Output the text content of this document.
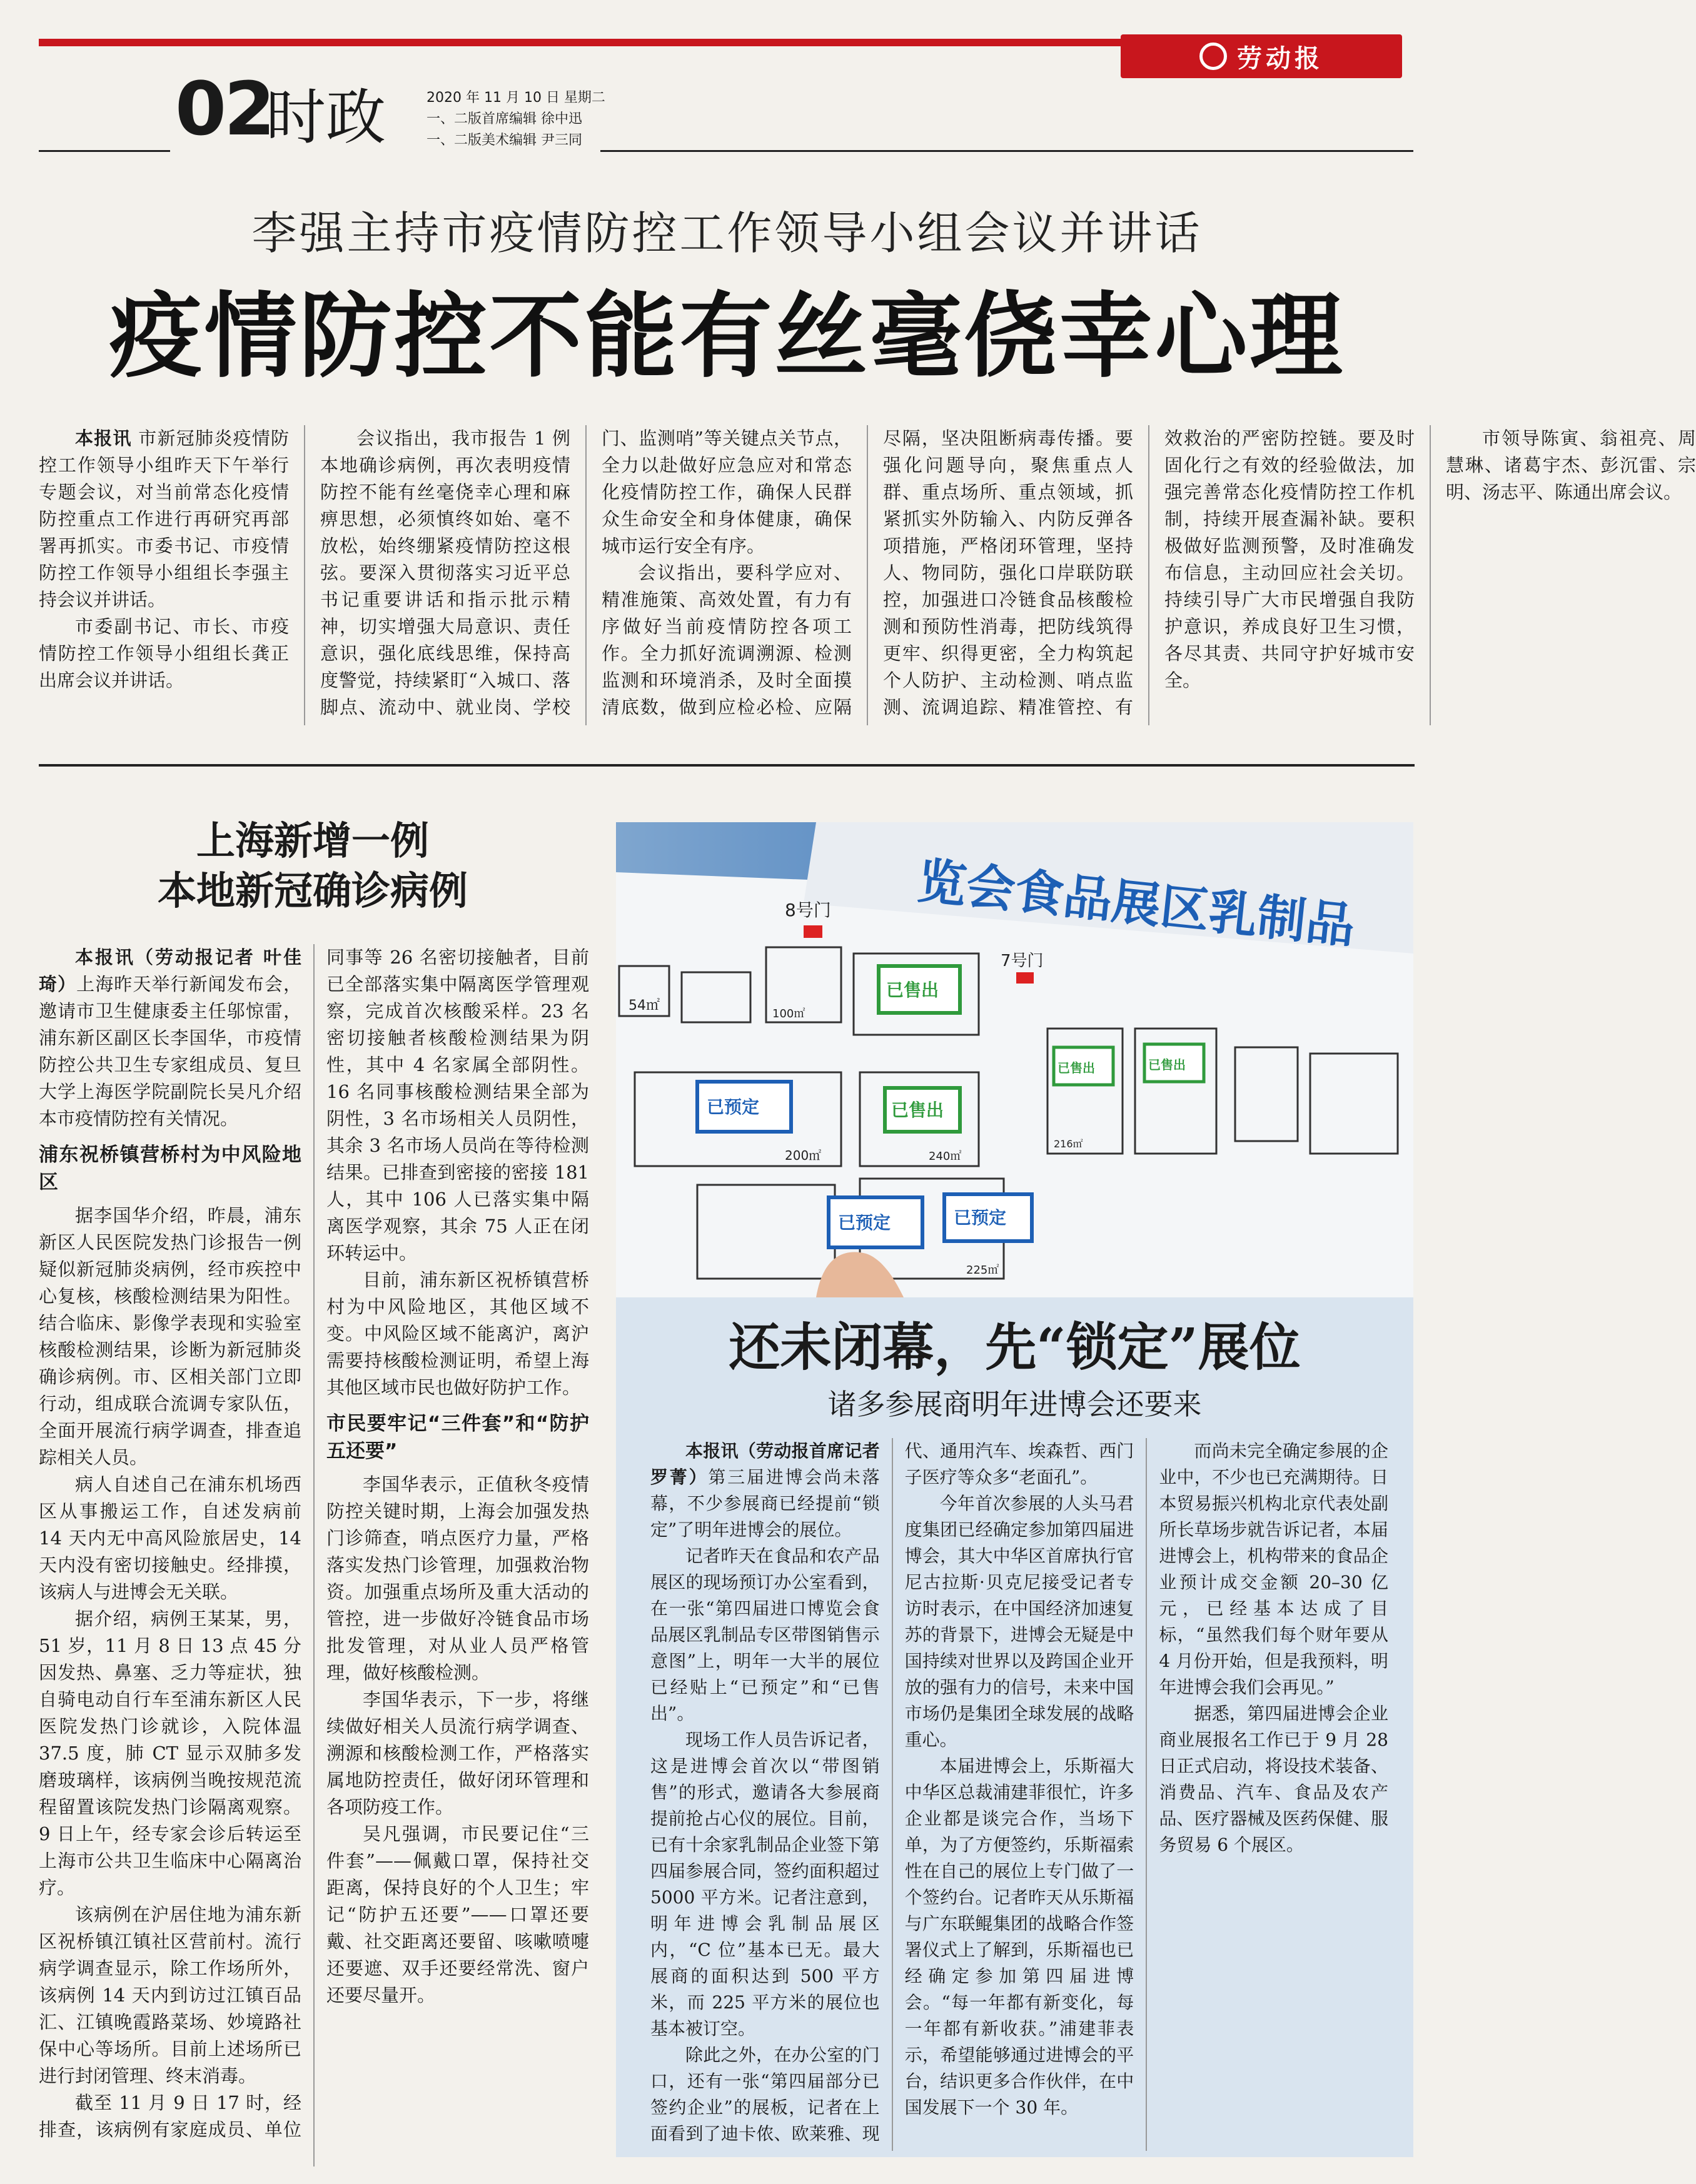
劳动报
02
时政	2020 年 11 月 10 日 星期二
一、二版首席编辑 徐中迅
一、二版美术编辑 尹三同
李强主持市疫情防控工作领导小组会议并讲话
疫情防控不能有丝毫侥幸心理

本报讯 市新冠肺炎疫情防控工作领导小组昨天下午举行专题会议，对当前常态化疫情防控重点工作进行再研究再部署再抓实。市委书记、市疫情防控工作领导小组组长李强主持会议并讲话。

市委副书记、市长、市疫情防控工作领导小组组长龚正出席会议并讲话。

会议指出，我市报告 1 例本地确诊病例，再次表明疫情防控不能有丝毫侥幸心理和麻痹思想，必须慎终如始、毫不放松，始终绷紧疫情防控这根弦。要深入贯彻落实习近平总书记重要讲话和指示批示精神，切实增强大局意识、责任意识，强化底线思维，保持高度警觉，持续紧盯“入城口、落脚点、流动中、就业岗、学校门、监测哨”等关键点关节点，全力以赴做好应急应对和常态化疫情防控工作，确保人民群众生命安全和身体健康，确保城市运行安全有序。

会议指出，要科学应对、精准施策、高效处置，有力有序做好当前疫情防控各项工作。全力抓好流调溯源、检测监测和环境消杀，及时全面摸清底数，做到应检必检、应隔尽隔，坚决阻断病毒传播。要强化问题导向，聚焦重点人群、重点场所、重点领域，抓紧抓实外防输入、内防反弹各项措施，严格闭环管理，坚持人、物同防，强化口岸联防联控，加强进口冷链食品核酸检测和预防性消毒，把防线筑得更牢、织得更密，全力构筑起个人防护、主动检测、哨点监测、流调追踪、精准管控、有效救治的严密防控链。要及时固化行之有效的经验做法，加强完善常态化疫情防控工作机制，持续开展查漏补缺。要积极做好监测预警，及时准确发布信息，主动回应社会关切。持续引导广大市民增强自我防护意识，养成良好卫生习惯，各尽其责、共同守护好城市安全。

市领导陈寅、翁祖亮、周慧琳、诸葛宇杰、彭沉雷、宗明、汤志平、陈通出席会议。

上海新增一例
本地新冠确诊病例

本报讯（劳动报记者 叶佳琦）上海昨天举行新闻发布会，邀请市卫生健康委主任邬惊雷，浦东新区副区长李国华，市疫情防控公共卫生专家组成员、复旦大学上海医学院副院长吴凡介绍本市疫情防控有关情况。

浦东祝桥镇营桥村为中风险地区

据李国华介绍，昨晨，浦东新区人民医院发热门诊报告一例疑似新冠肺炎病例，经市疾控中心复核，核酸检测结果为阳性。结合临床、影像学表现和实验室核酸检测结果，诊断为新冠肺炎确诊病例。市、区相关部门立即行动，组成联合流调专家队伍，全面开展流行病学调查，排查追踪相关人员。

病人自述自己在浦东机场西区从事搬运工作，自述发病前 14 天内无中高风险旅居史，14 天内没有密切接触史。经排摸，该病人与进博会无关联。

据介绍，病例王某某，男，51 岁，11 月 8 日 13 点 45 分因发热、鼻塞、乏力等症状，独自骑电动自行车至浦东新区人民医院发热门诊就诊，入院体温 37.5 度，肺 CT 显示双肺多发磨玻璃样，该病例当晚按规范流程留置该院发热门诊隔离观察。9 日上午，经专家会诊后转运至上海市公共卫生临床中心隔离治疗。

该病例在沪居住地为浦东新区祝桥镇江镇社区营前村。流行病学调查显示，除工作场所外，该病例 14 天内到访过江镇百品汇、江镇晚霞路菜场、妙境路社保中心等场所。目前上述场所已进行封闭管理、终末消毒。

截至 11 月 9 日 17 时，经排查，该病例有家庭成员、单位同事等 26 名密切接触者，目前已全部落实集中隔离医学管理观察，完成首次核酸采样。23 名密切接触者核酸检测结果为阴性，其中 4 名家属全部阴性。16 名同事核酸检测结果全部为阴性，3 名市场相关人员阴性，其余 3 名市场人员尚在等待检测结果。已排查到密接的密接 181 人，其中 106 人已落实集中隔离医学观察，其余 75 人正在闭环转运中。

目前，浦东新区祝桥镇营桥村为中风险地区，其他区域不变。中风险区域不能离沪，离沪需要持核酸检测证明，希望上海其他区域市民也做好防护工作。

市民要牢记“三件套”和“防护五还要”

李国华表示，正值秋冬疫情防控关键时期，上海会加强发热门诊筛查，哨点医疗力量，严格落实发热门诊管理，加强救治物资。加强重点场所及重大活动的管控，进一步做好冷链食品市场批发管理，对从业人员严格管理，做好核酸检测。

李国华表示，下一步，将继续做好相关人员流行病学调查、溯源和核酸检测工作，严格落实属地防控责任，做好闭环管理和各项防疫工作。

吴凡强调，市民要记住“三件套”——佩戴口罩，保持社交距离，保持良好的个人卫生；牢记“防护五还要”——口罩还要戴、社交距离还要留、咳嗽喷嚏还要遮、双手还要经常洗、窗户还要尽量开。

览会食品展区乳制品
8号门
7号门
54㎡
100㎡
200㎡	240㎡
225㎡
216㎡
已预定
已预定	已预定
已售出
已售出
已售出	已售出
还未闭幕，先“锁定”展位
诸多参展商明年进博会还要来

本报讯（劳动报首席记者 罗菁）第三届进博会尚未落幕，不少参展商已经提前“锁定”了明年进博会的展位。

记者昨天在食品和农产品展区的现场预订办公室看到，在一张“第四届进口博览会食品展区乳制品专区带图销售示意图”上，明年一大半的展位已经贴上“已预定”和“已售出”。

现场工作人员告诉记者，这是进博会首次以“带图销售”的形式，邀请各大参展商提前抢占心仪的展位。目前，已有十余家乳制品企业签下第四届参展合同，签约面积超过 5000 平方米。记者注意到，明年进博会乳制品展区内，“C 位”基本已无。最大展商的面积达到 500 平方米，而 225 平方米的展位也基本被订空。

除此之外，在办公室的门口，还有一张“第四届部分已签约企业”的展板，记者在上面看到了迪卡侬、欧莱雅、现代、通用汽车、埃森哲、西门子医疗等众多“老面孔”。

今年首次参展的人头马君度集团已经确定参加第四届进博会，其大中华区首席执行官尼古拉斯·贝克尼接受记者专访时表示，在中国经济加速复苏的背景下，进博会无疑是中国持续对世界以及跨国企业开放的强有力的信号，未来中国市场仍是集团全球发展的战略重心。

本届进博会上，乐斯福大中华区总裁浦建菲很忙，许多企业都是谈完合作，当场下单，为了方便签约，乐斯福索性在自己的展位上专门做了一个签约台。记者昨天从乐斯福与广东联鲲集团的战略合作签署仪式上了解到，乐斯福也已经确定参加第四届进博会。“每一年都有新变化，每一年都有新收获。”浦建菲表示，希望能够通过进博会的平台，结识更多合作伙伴，在中国发展下一个 30 年。

而尚未完全确定参展的企业中，不少也已充满期待。日本贸易振兴机构北京代表处副所长草场步就告诉记者，本届进博会上，机构带来的食品企业预计成交金额 20–30 亿元，已经基本达成了目标，“虽然我们每个财年要从 4 月份开始，但是我预料，明年进博会我们会再见。”

据悉，第四届进博会企业商业展报名工作已于 9 月 28 日正式启动，将设技术装备、消费品、汽车、食品及农产品、医疗器械及医药保健、服务贸易 6 个展区。
